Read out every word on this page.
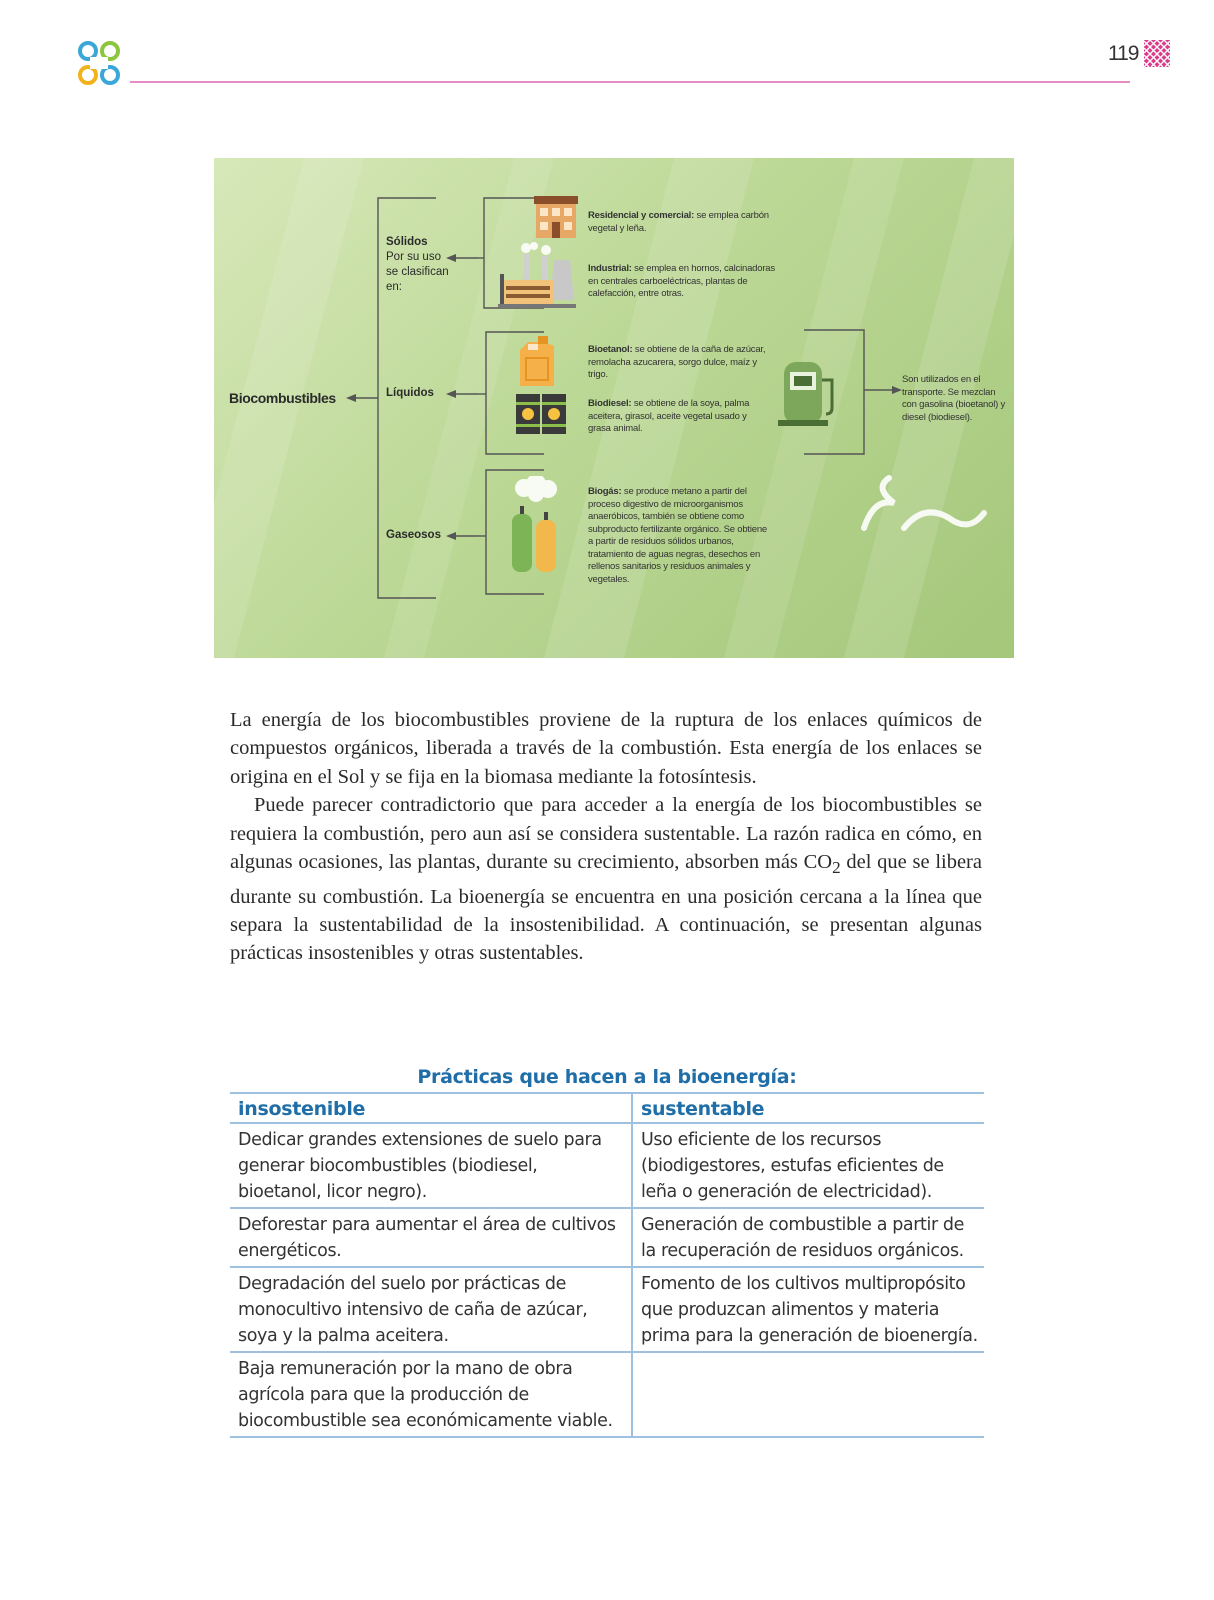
119
Biocombustibles
Sólidos
Por su uso
se clasifican
en:
Líquidos
Gaseosos
Residencial y comercial: se emplea carbón vegetal y leña.
Industrial: se emplea en hornos, calcinadoras en centrales carboeléctricas, plantas de calefacción, entre otras.
Bioetanol: se obtiene de la caña de azúcar, remolacha azucarera, sorgo dulce, maíz y trigo.
Biodiesel: se obtiene de la soya, palma aceitera, girasol, aceite vegetal usado y grasa animal.
Son utilizados en el transporte. Se mezclan con gasolina (bioetanol) y diesel (biodiesel).
Biogás: se produce metano a partir del proceso digestivo de microorganismos anaeróbicos, también se obtiene como subproducto fertilizante orgánico. Se obtiene a partir de residuos sólidos urbanos, tratamiento de aguas negras, desechos en rellenos sanitarios y residuos animales y vegetales.

La energía de los biocombustibles proviene de la ruptura de los enlaces químicos de compuestos orgánicos, liberada a través de la combustión. Esta energía de los enlaces se origina en el Sol y se fija en la biomasa mediante la fotosíntesis.

Puede parecer contradictorio que para acceder a la energía de los biocombustibles se requiera la combustión, pero aun así se considera sustentable. La razón radica en cómo, en algunas ocasiones, las plantas, durante su crecimiento, absorben más $CO_2$ del que se libera durante su combustión. La bioenergía se encuentra en una posición cercana a la línea que separa la sustentabilidad de la insostenibilidad. A continuación, se presentan algunas prácticas insostenibles y otras sustentables.

Prácticas que hacen a la bioenergía:
insostenible	sustentable
Dedicar grandes extensiones de suelo para generar biocombustibles (biodiesel, bioetanol, licor negro).	Uso eficiente de los recursos (biodigestores, estufas eficientes de leña o generación de electricidad).
Deforestar para aumentar el área de cultivos energéticos.	Generación de combustible a partir de la recuperación de residuos orgánicos.
Degradación del suelo por prácticas de monocultivo intensivo de caña de azúcar, soya y la palma aceitera.	Fomento de los cultivos multipropósito que produzcan alimentos y materia prima para la generación de bioenergía.
Baja remuneración por la mano de obra agrícola para que la producción de biocombustible sea económicamente viable.	
